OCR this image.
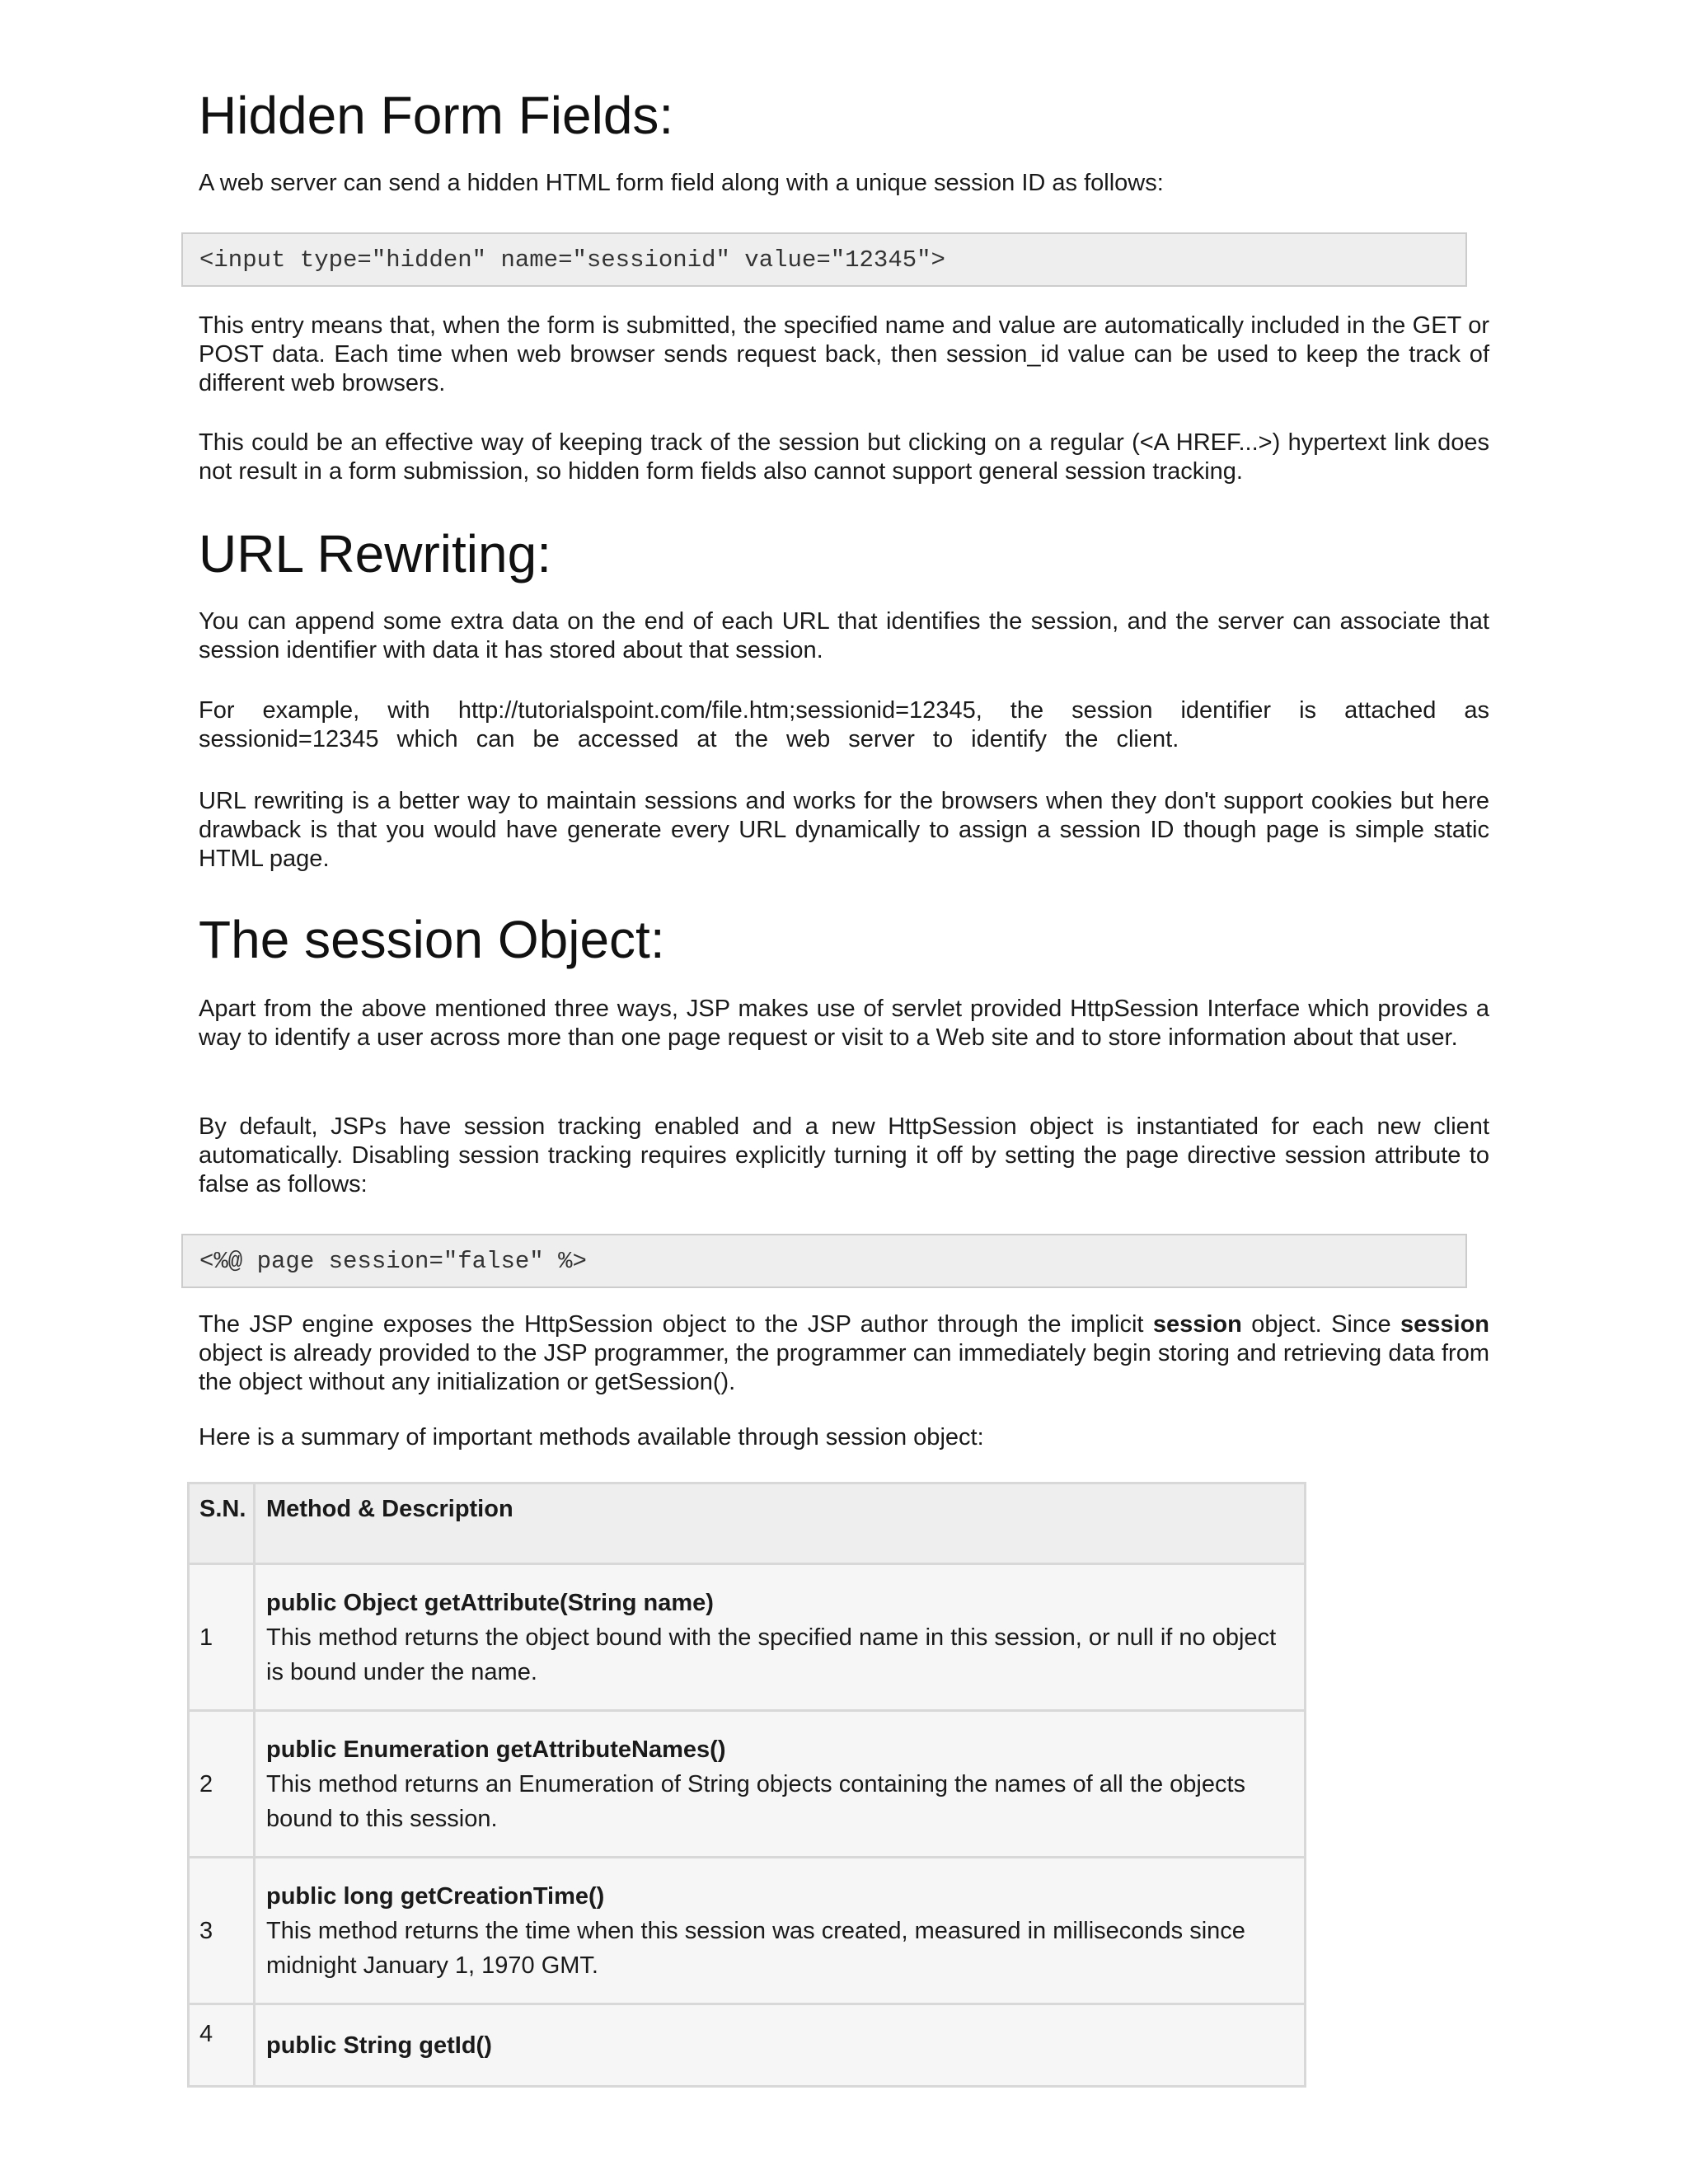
Hidden Form Fields:

A web server can send a hidden HTML form field along with a unique session ID as follows:

<input type="hidden" name="sessionid" value="12345">

This entry means that, when the form is submitted, the specified name and value are automatically included in the GET or POST data. Each time when web browser sends request back, then session_id value can be used to keep the track of different web browsers.

This could be an effective way of keeping track of the session but clicking on a regular (<A HREF...>) hypertext link does not result in a form submission, so hidden form fields also cannot support general session tracking.

URL Rewriting:

You can append some extra data on the end of each URL that identifies the session, and the server can associate that session identifier with data it has stored about that session.

For example, with http://tutorialspoint.com/file.htm;sessionid=12345, the session identifier is attached as sessionid=12345 which can be accessed at the web server to identify the client.

URL rewriting is a better way to maintain sessions and works for the browsers when they don't support cookies but here drawback is that you would have generate every URL dynamically to assign a session ID though page is simple static HTML page.

The session Object:

Apart from the above mentioned three ways, JSP makes use of servlet provided HttpSession Interface which provides a way to identify a user across more than one page request or visit to a Web site and to store information about that user.

By default, JSPs have session tracking enabled and a new HttpSession object is instantiated for each new client automatically. Disabling session tracking requires explicitly turning it off by setting the page directive session attribute to false as follows:

<%@ page session="false" %>

The JSP engine exposes the HttpSession object to the JSP author through the implicit session object. Since session object is already provided to the JSP programmer, the programmer can immediately begin storing and retrieving data from the object without any initialization or getSession().

Here is a summary of important methods available through session object:

S.N.	Method & Description
1	public Object getAttribute(String name)
This method returns the object bound with the specified name in this session, or null if no object is bound under the name.
2	public Enumeration getAttributeNames()
This method returns an Enumeration of String objects containing the names of all the objects bound to this session.
3	public long getCreationTime()
This method returns the time when this session was created, measured in milliseconds since midnight January 1, 1970 GMT.
4	public String getId()
